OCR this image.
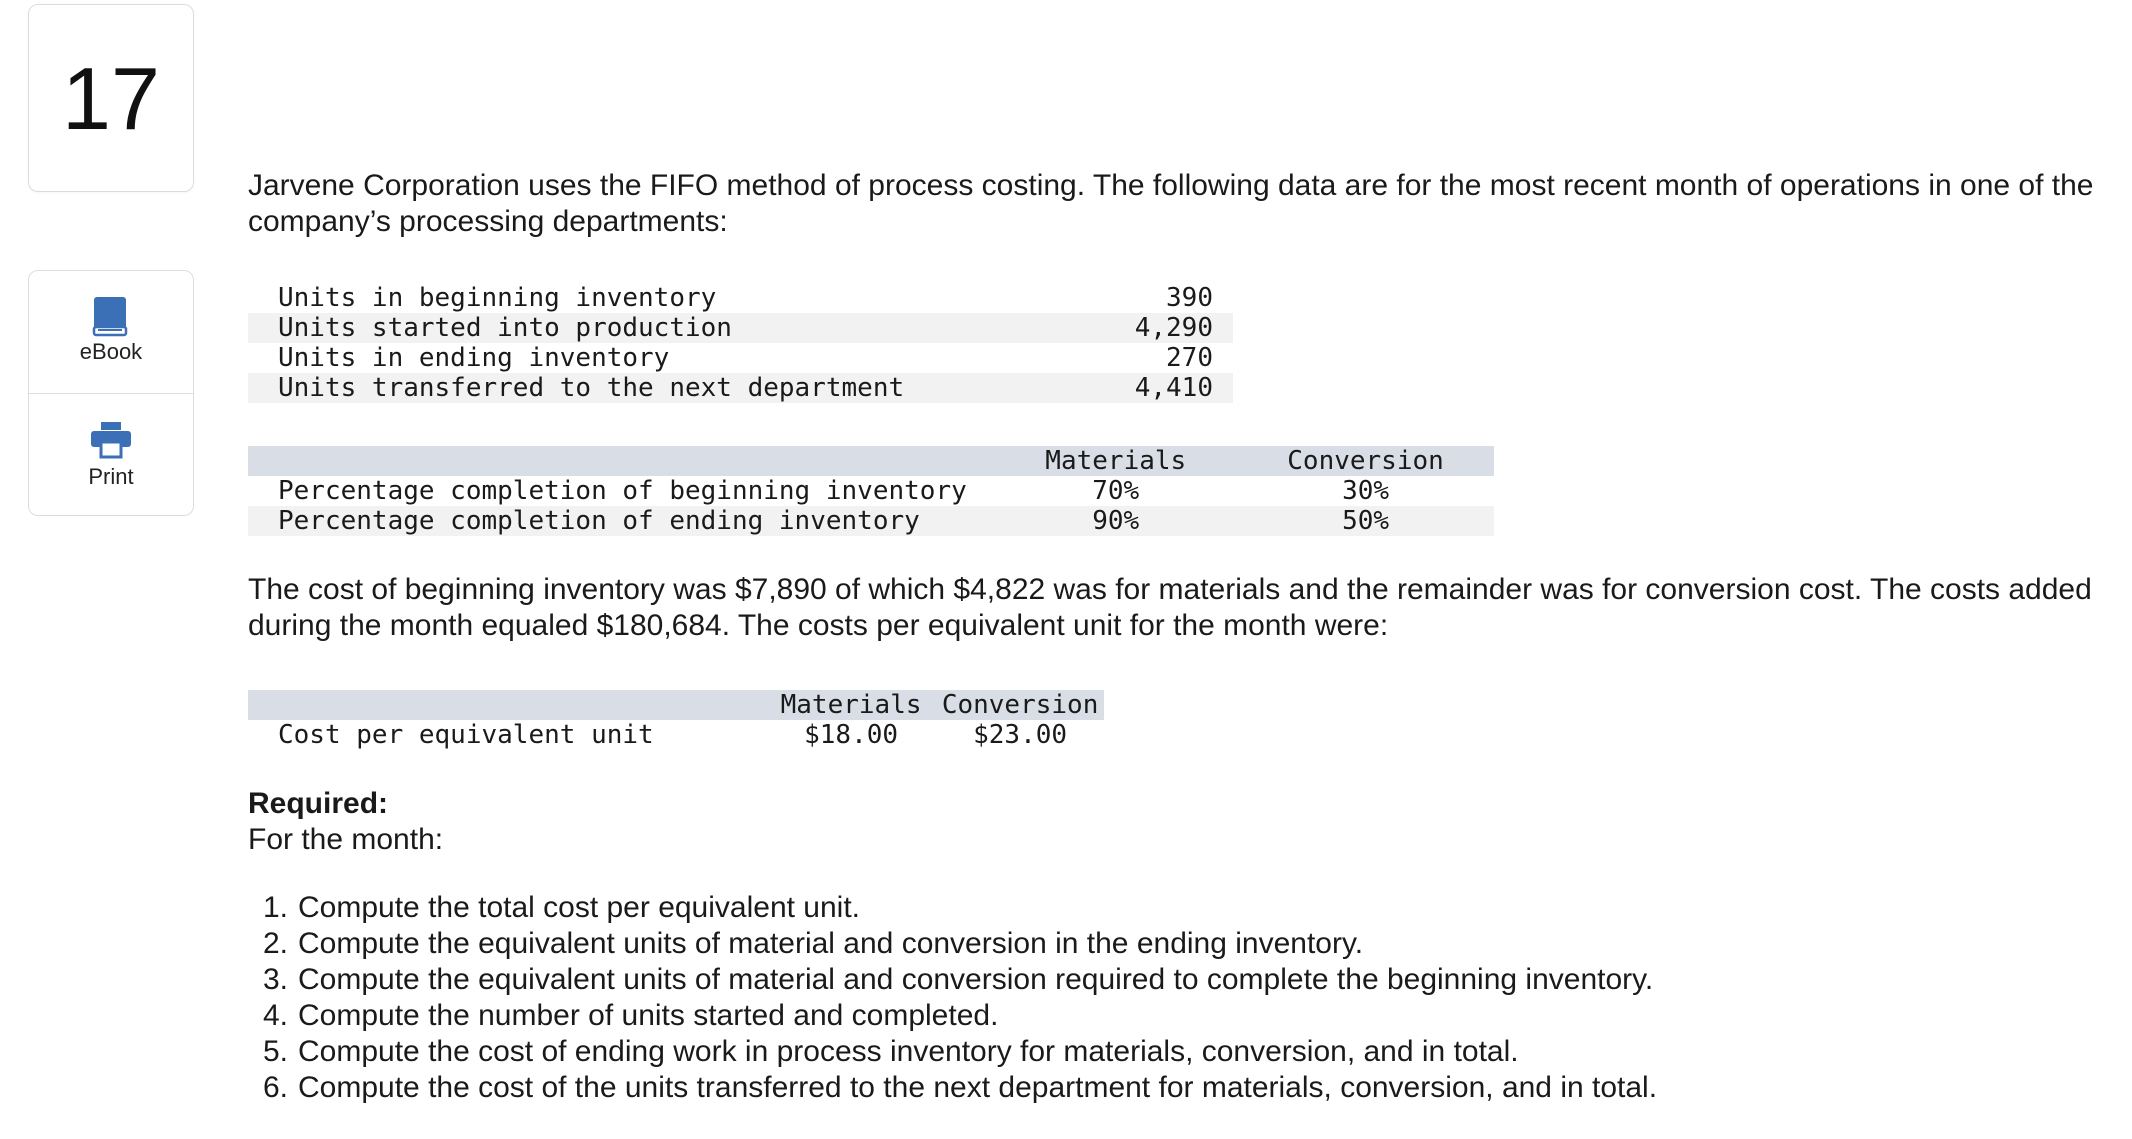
17
eBook
Print

Jarvene Corporation uses the FIFO method of process costing. The following data are for the most recent month of operations in one of the company’s processing departments:

Units in beginning inventory	390
Units started into production	4,290
Units in ending inventory	270
Units transferred to the next department	4,410
	Materials	Conversion
Percentage completion of beginning inventory	70%	30%
Percentage completion of ending inventory	90%	50%

The cost of beginning inventory was $7,890 of which $4,822 was for materials and the remainder was for conversion cost. The costs added during the month equaled $180,684. The costs per equivalent unit for the month were:

	Materials	Conversion
Cost per equivalent unit	$18.00	$23.00
Required:
For the month:
1. Compute the total cost per equivalent unit.
2. Compute the equivalent units of material and conversion in the ending inventory.
3. Compute the equivalent units of material and conversion required to complete the beginning inventory.
4. Compute the number of units started and completed.
5. Compute the cost of ending work in process inventory for materials, conversion, and in total.
6. Compute the cost of the units transferred to the next department for materials, conversion, and in total.
